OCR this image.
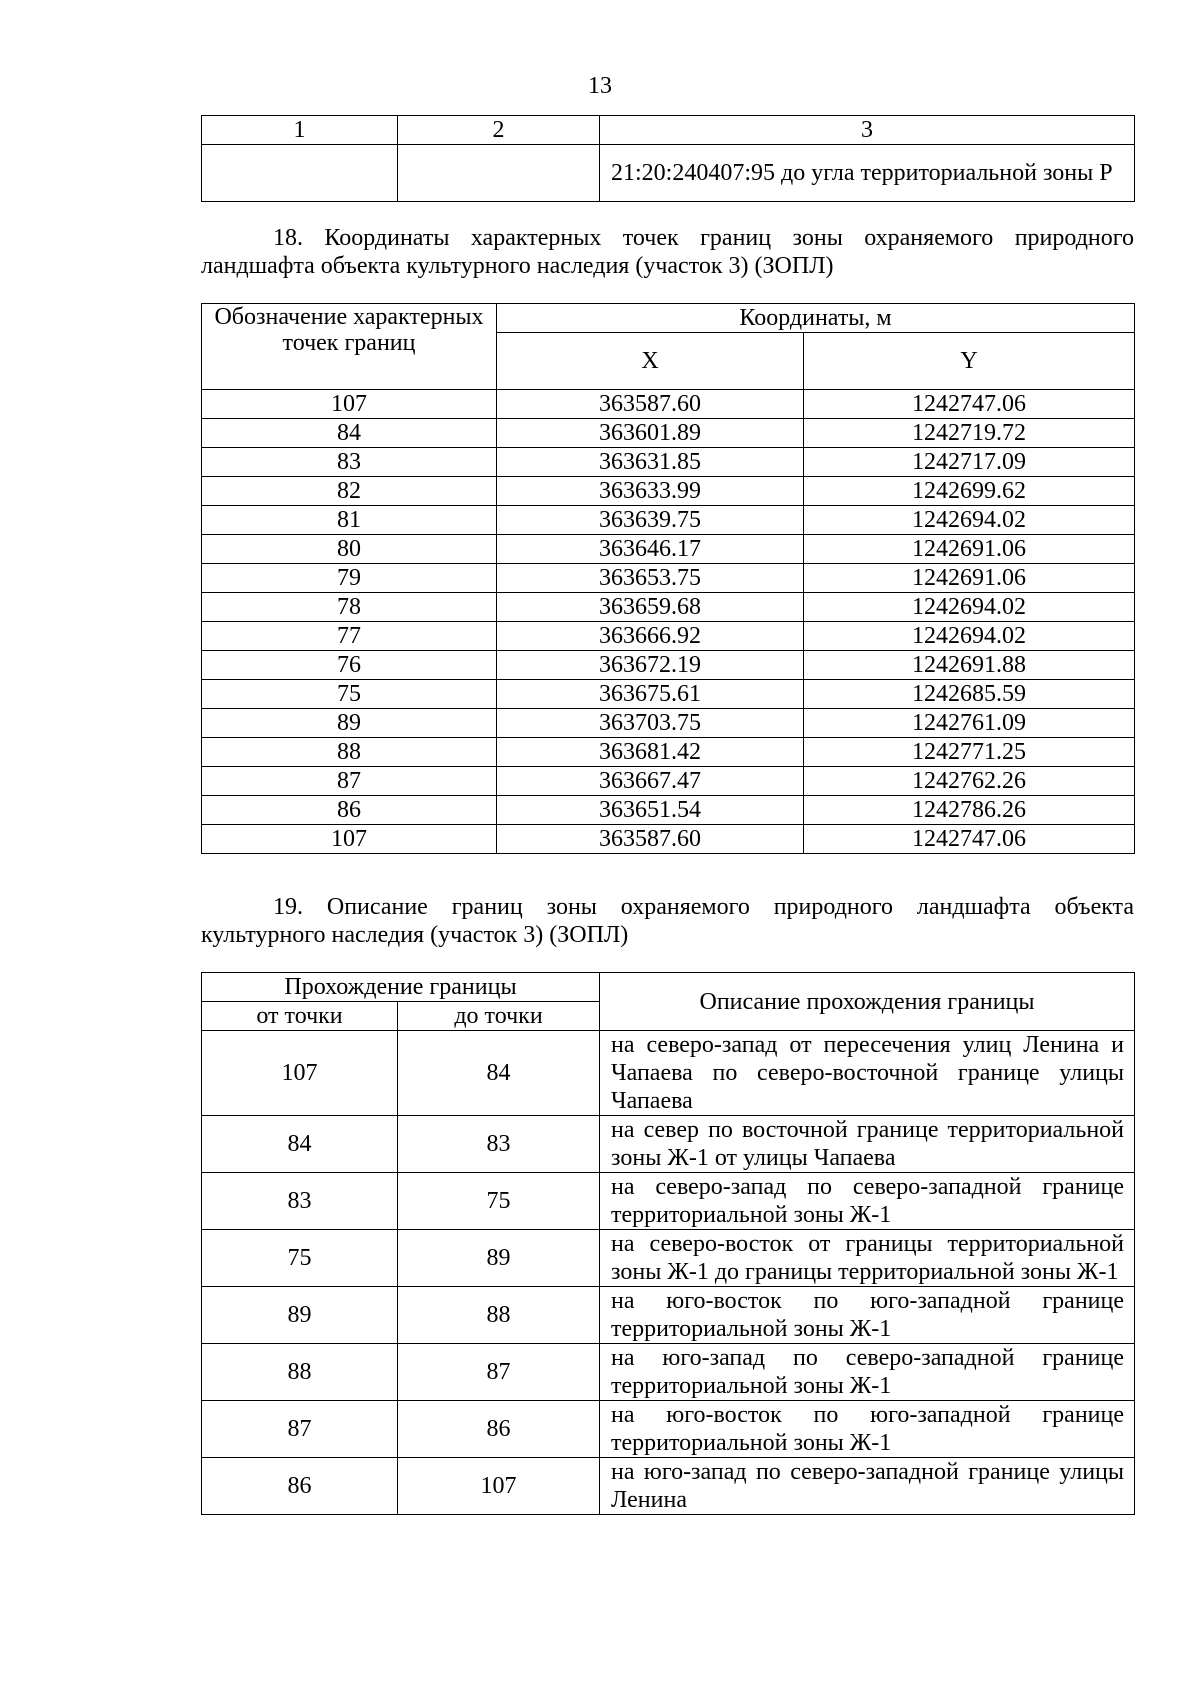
13
1	2	3
		21:20:240407:95 до угла территориальной зоны Р
18. Координаты характерных точек границ зоны охраняемого природного ландшафта объекта культурного наследия (участок 3) (ЗОПЛ)
Обозначение характерных точек границ	Координаты, м	
	X	Y
107	363587.60	1242747.06
84	363601.89	1242719.72
83	363631.85	1242717.09
82	363633.99	1242699.62
81	363639.75	1242694.02
80	363646.17	1242691.06
79	363653.75	1242691.06
78	363659.68	1242694.02
77	363666.92	1242694.02
76	363672.19	1242691.88
75	363675.61	1242685.59
89	363703.75	1242761.09
88	363681.42	1242771.25
87	363667.47	1242762.26
86	363651.54	1242786.26
107	363587.60	1242747.06
19. Описание границ зоны охраняемого природного ландшафта объекта культурного наследия (участок 3) (ЗОПЛ)
Прохождение границы		Описание прохождения границы
от точки	до точки	
107	84	на северо-запад от пересечения улиц Ленина и Чапаева по северо-восточной границе улицы Чапаева
84	83	на север по восточной границе территориальной зоны Ж-1 от улицы Чапаева
83	75	на северо-запад по северо-западной границе территориальной зоны Ж-1
75	89	на северо-восток от границы территориальной зоны Ж-1 до границы территориальной зоны Ж-1
89	88	на юго-восток по юго-западной границе территориальной зоны Ж-1
88	87	на юго-запад по северо-западной границе территориальной зоны Ж-1
87	86	на юго-восток по юго-западной границе территориальной зоны Ж-1
86	107	на юго-запад по северо-западной границе улицы Ленина
